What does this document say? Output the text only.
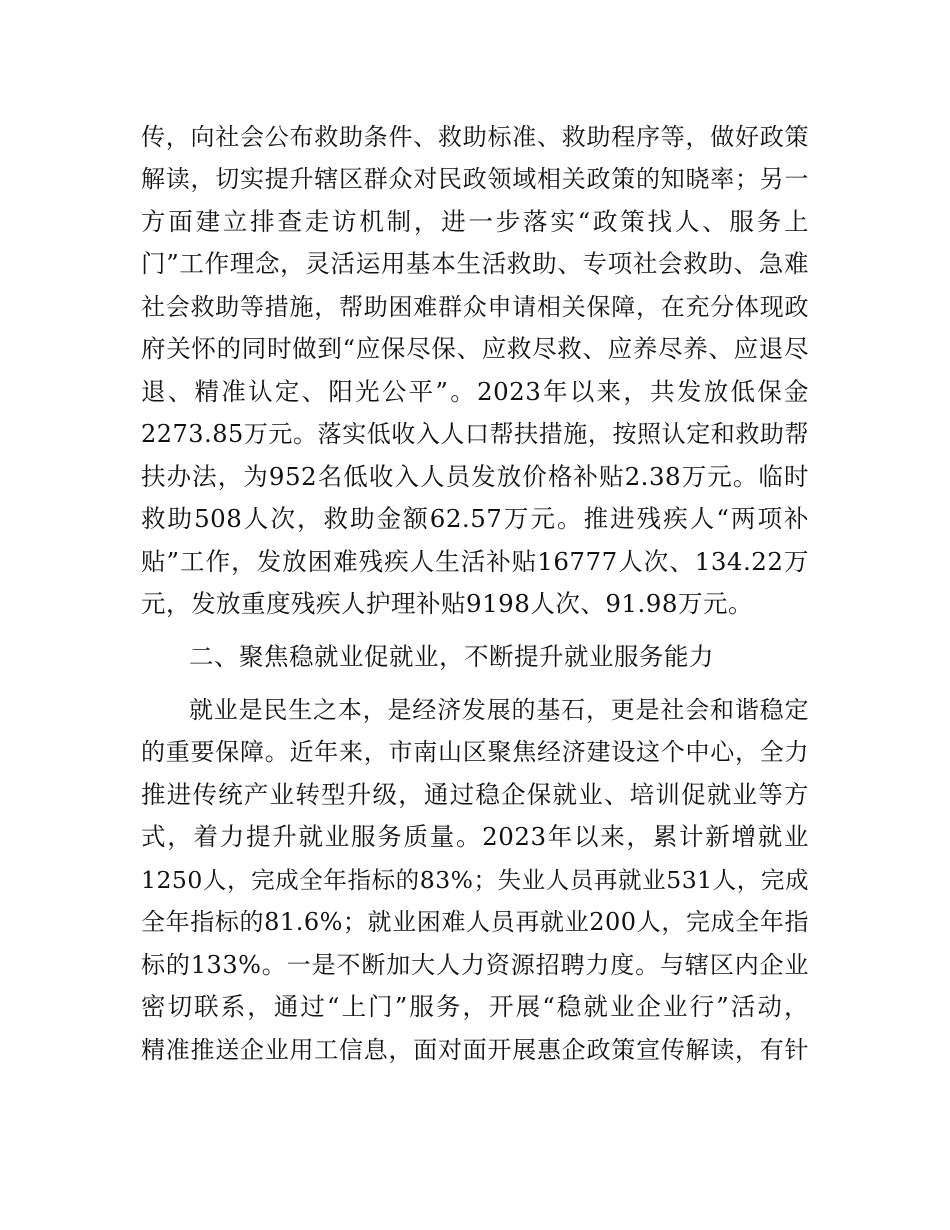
传，向社会公布救助条件、救助标准、救助程序等，做好政策
解读，切实提升辖区群众对民政领域相关政策的知晓率；另一
方面建立排查走访机制，进一步落实“政策找人、服务上
门”工作理念，灵活运用基本生活救助、专项社会救助、急难
社会救助等措施，帮助困难群众申请相关保障，在充分体现政
府关怀的同时做到“应保尽保、应救尽救、应养尽养、应退尽
退、精准认定、阳光公平”。2023年以来，共发放低保金
2273.85万元。落实低收入人口帮扶措施，按照认定和救助帮
扶办法，为952名低收入人员发放价格补贴2.38万元。临时
救助508人次，救助金额62.57万元。推进残疾人“两项补
贴”工作，发放困难残疾人生活补贴16777人次、134.22万
元，发放重度残疾人护理补贴9198人次、91.98万元。
二、聚焦稳就业促就业，不断提升就业服务能力
就业是民生之本，是经济发展的基石，更是社会和谐稳定
的重要保障。近年来，市南山区聚焦经济建设这个中心，全力
推进传统产业转型升级，通过稳企保就业、培训促就业等方
式，着力提升就业服务质量。2023年以来，累计新增就业
1250人，完成全年指标的83%；失业人员再就业531人，完成
全年指标的81.6%；就业困难人员再就业200人，完成全年指
标的133%。一是不断加大人力资源招聘力度。与辖区内企业
密切联系，通过“上门”服务，开展“稳就业企业行”活动，
精准推送企业用工信息，面对面开展惠企政策宣传解读，有针
